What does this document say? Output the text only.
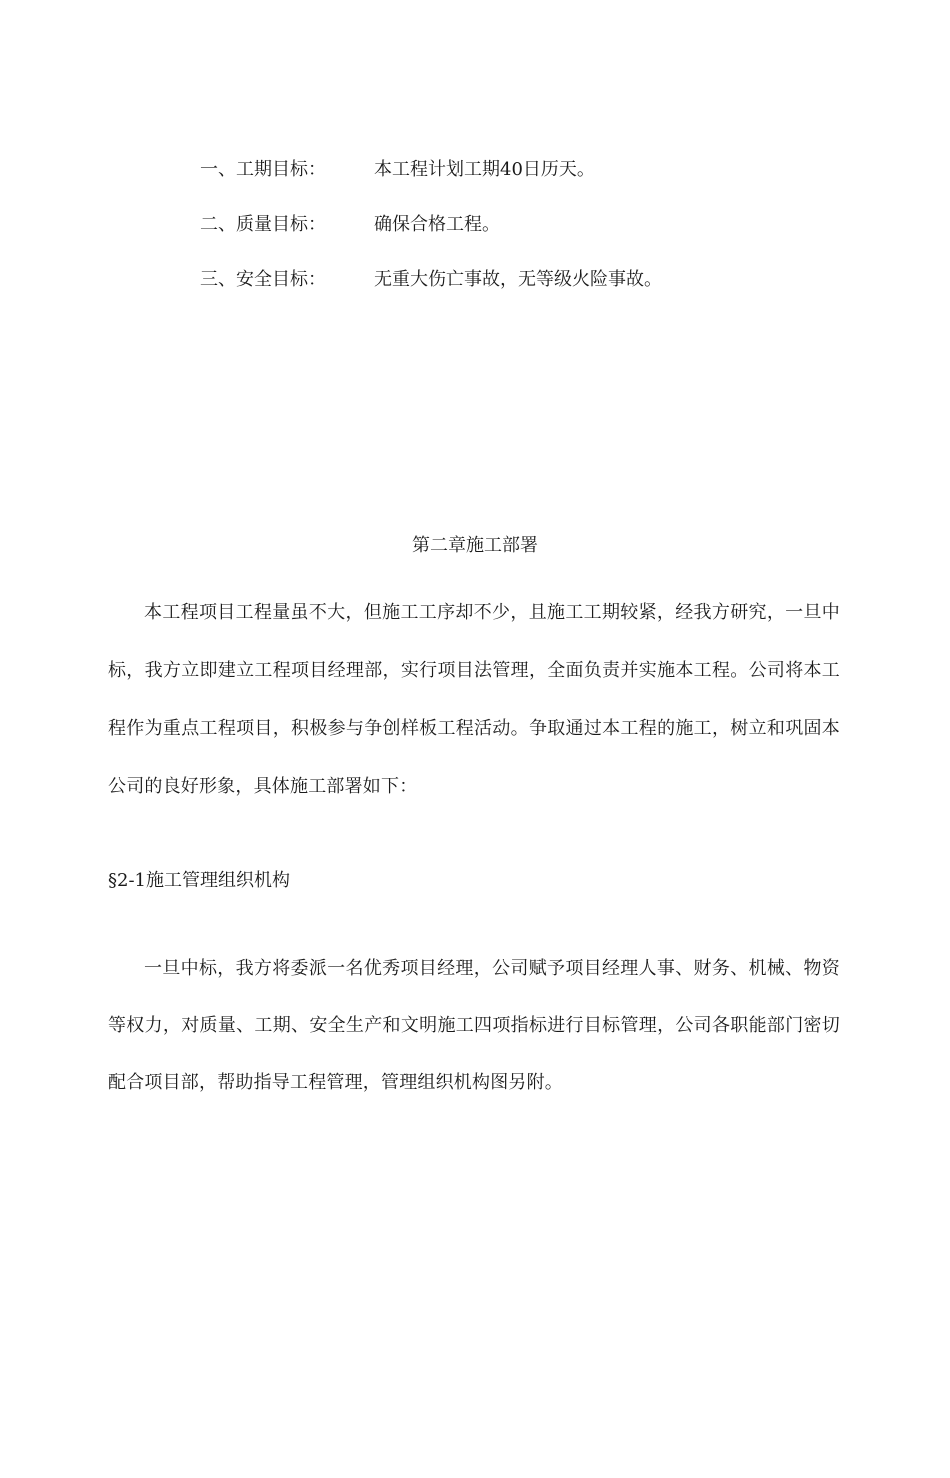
一、工期目标：	本工程计划工期40日历天。
二、质量目标：	确保合格工程。
三、安全目标：	无重大伤亡事故，无等级火险事故。
第二章施工部署

本工程项目工程量虽不大，但施工工序却不少，且施工工期较紧，经我方研究，一旦中标，我方立即建立工程项目经理部，实行项目法管理，全面负责并实施本工程。公司将本工程作为重点工程项目，积极参与争创样板工程活动。争取通过本工程的施工，树立和巩固本公司的良好形象，具体施工部署如下：

§2-1施工管理组织机构

一旦中标，我方将委派一名优秀项目经理，公司赋予项目经理人事、财务、机械、物资等权力，对质量、工期、安全生产和文明施工四项指标进行目标管理，公司各职能部门密切配合项目部，帮助指导工程管理，管理组织机构图另附。
